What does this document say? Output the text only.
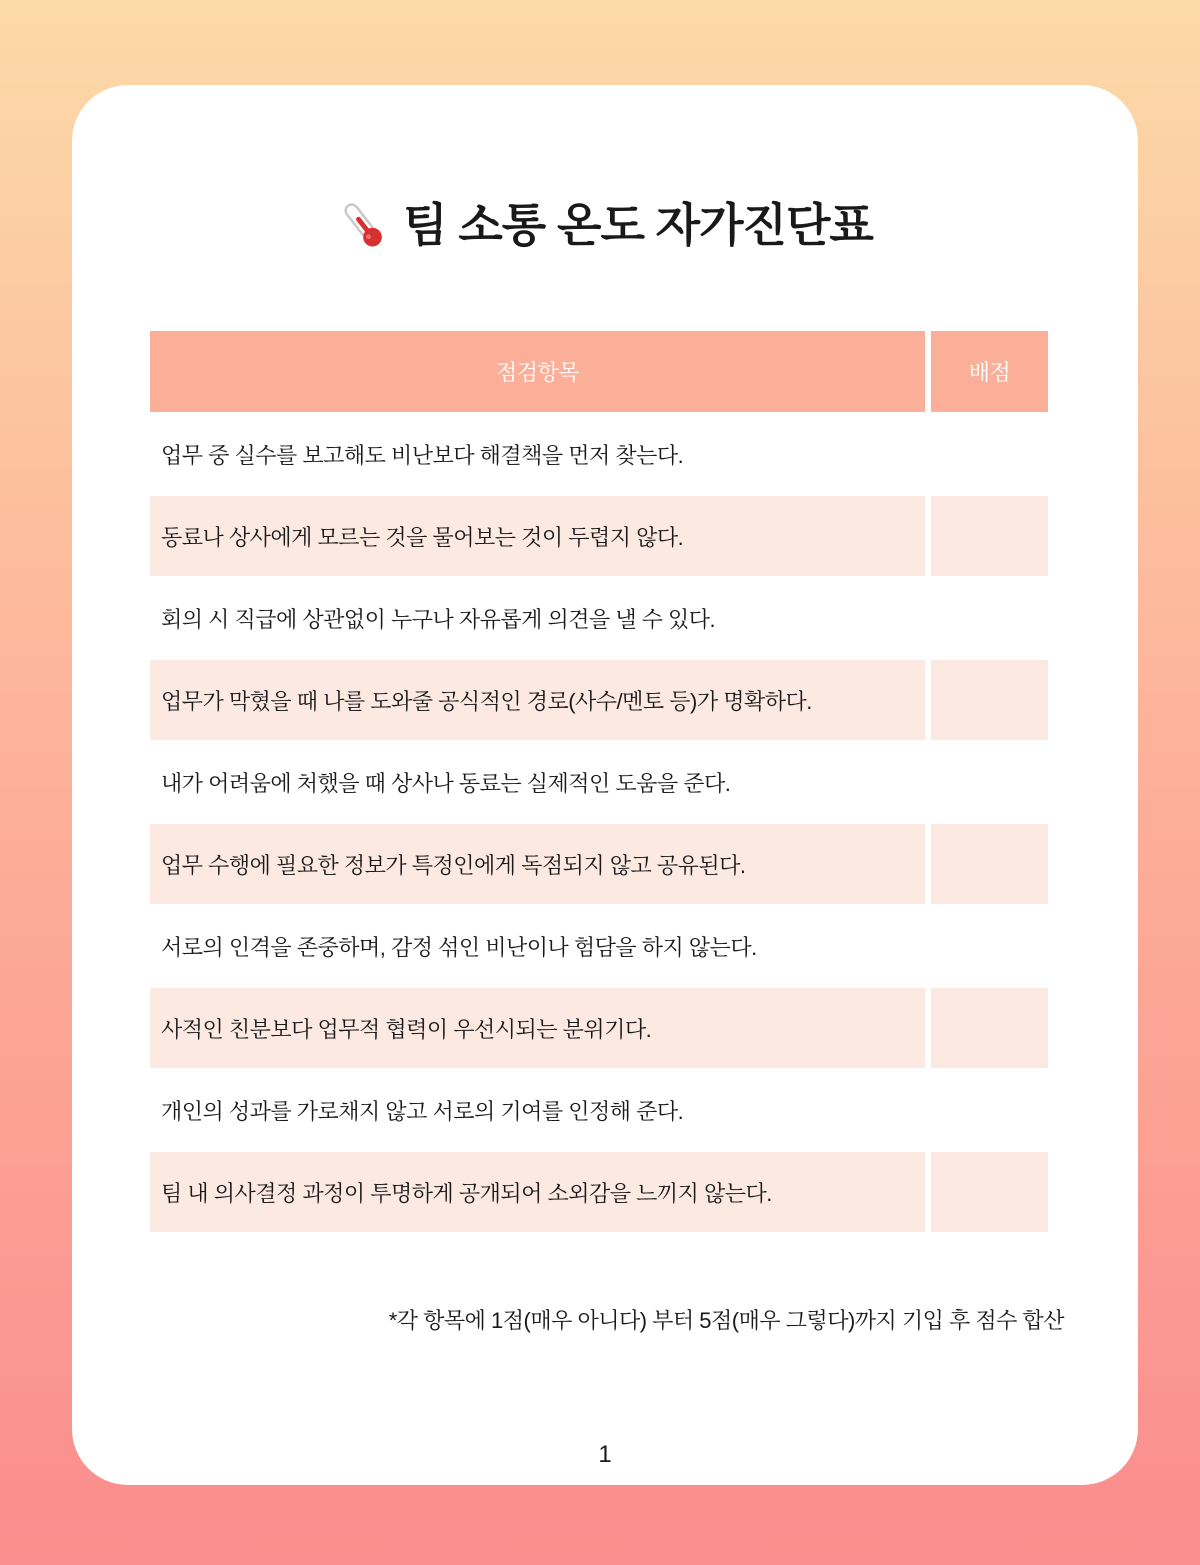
팀 소통 온도 자가진단표
점검항목	배점
업무 중 실수를 보고해도 비난보다 해결책을 먼저 찾는다.
동료나 상사에게 모르는 것을 물어보는 것이 두렵지 않다.
회의 시 직급에 상관없이 누구나 자유롭게 의견을 낼 수 있다.
업무가 막혔을 때 나를 도와줄 공식적인 경로(사수/멘토 등)가 명확하다.
내가 어려움에 처했을 때 상사나 동료는 실제적인 도움을 준다.
업무 수행에 필요한 정보가 특정인에게 독점되지 않고 공유된다.
서로의 인격을 존중하며, 감정 섞인 비난이나 험담을 하지 않는다.
사적인 친분보다 업무적 협력이 우선시되는 분위기다.
개인의 성과를 가로채지 않고 서로의 기여를 인정해 준다.
팀 내 의사결정 과정이 투명하게 공개되어 소외감을 느끼지 않는다.
*각 항목에 1점(매우 아니다) 부터 5점(매우 그렇다)까지 기입 후 점수 합산
1
